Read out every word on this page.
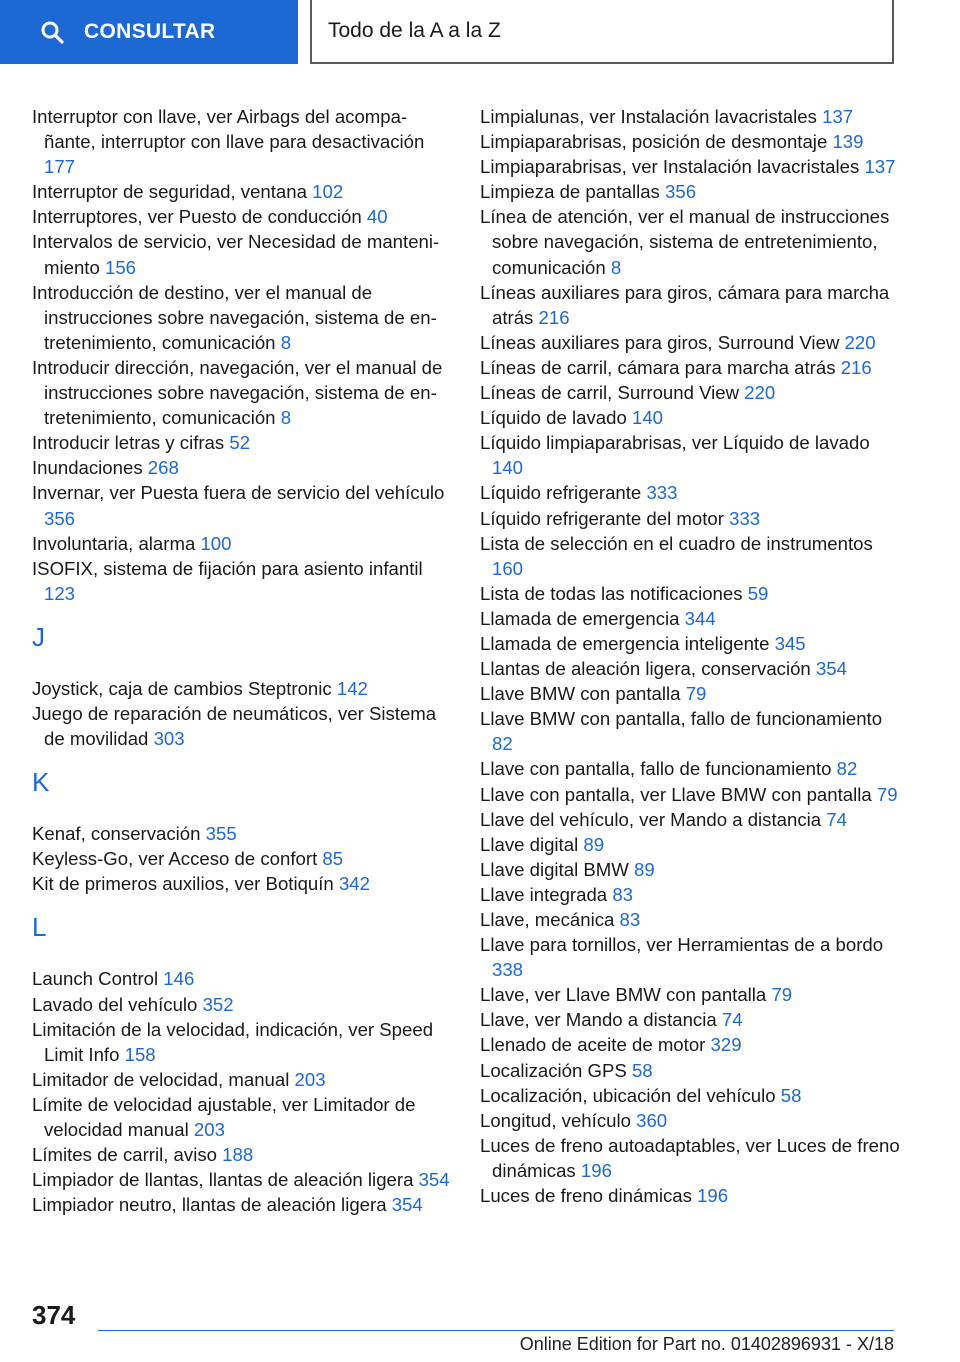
CONSULTAR	Todo de la A a la Z
Interruptor con llave, ver Airbags del acompañante, interruptor con llave para desactivación 177
Interruptor de seguridad, ventana 102
Interruptores, ver Puesto de conducción 40
Intervalos de servicio, ver Necesidad de mantenimiento 156
Introducción de destino, ver el manual de instrucciones sobre navegación, sistema de entretenimiento, comunicación 8
Introducir dirección, navegación, ver el manual de instrucciones sobre navegación, sistema de entretenimiento, comunicación 8
Introducir letras y cifras 52
Inundaciones 268
Invernar, ver Puesta fuera de servicio del vehículo 356
Involuntaria, alarma 100
ISOFIX, sistema de fijación para asiento infantil 123
J
Joystick, caja de cambios Steptronic 142
Juego de reparación de neumáticos, ver Sistema de movilidad 303
K
Kenaf, conservación 355
Keyless-Go, ver Acceso de confort 85
Kit de primeros auxilios, ver Botiquín 342
L
Launch Control 146
Lavado del vehículo 352
Limitación de la velocidad, indicación, ver Speed Limit Info 158
Limitador de velocidad, manual 203
Límite de velocidad ajustable, ver Limitador de velocidad manual 203
Límites de carril, aviso 188
Limpiador de llantas, llantas de aleación ligera 354
Limpiador neutro, llantas de aleación ligera 354
Limpialunas, ver Instalación lavacristales 137
Limpiaparabrisas, posición de desmontaje 139
Limpiaparabrisas, ver Instalación lavacristales 137
Limpieza de pantallas 356
Línea de atención, ver el manual de instrucciones sobre navegación, sistema de entretenimiento, comunicación 8
Líneas auxiliares para giros, cámara para marcha atrás 216
Líneas auxiliares para giros, Surround View 220
Líneas de carril, cámara para marcha atrás 216
Líneas de carril, Surround View 220
Líquido de lavado 140
Líquido limpiaparabrisas, ver Líquido de lavado 140
Líquido refrigerante 333
Líquido refrigerante del motor 333
Lista de selección en el cuadro de instrumentos 160
Lista de todas las notificaciones 59
Llamada de emergencia 344
Llamada de emergencia inteligente 345
Llantas de aleación ligera, conservación 354
Llave BMW con pantalla 79
Llave BMW con pantalla, fallo de funcionamiento 82
Llave con pantalla, fallo de funcionamiento 82
Llave con pantalla, ver Llave BMW con pantalla 79
Llave del vehículo, ver Mando a distancia 74
Llave digital 89
Llave digital BMW 89
Llave integrada 83
Llave, mecánica 83
Llave para tornillos, ver Herramientas de a bordo 338
Llave, ver Llave BMW con pantalla 79
Llave, ver Mando a distancia 74
Llenado de aceite de motor 329
Localización GPS 58
Localización, ubicación del vehículo 58
Longitud, vehículo 360
Luces de freno autoadaptables, ver Luces de freno dinámicas 196
Luces de freno dinámicas 196
374
Online Edition for Part no. 01402896931 - X/18
